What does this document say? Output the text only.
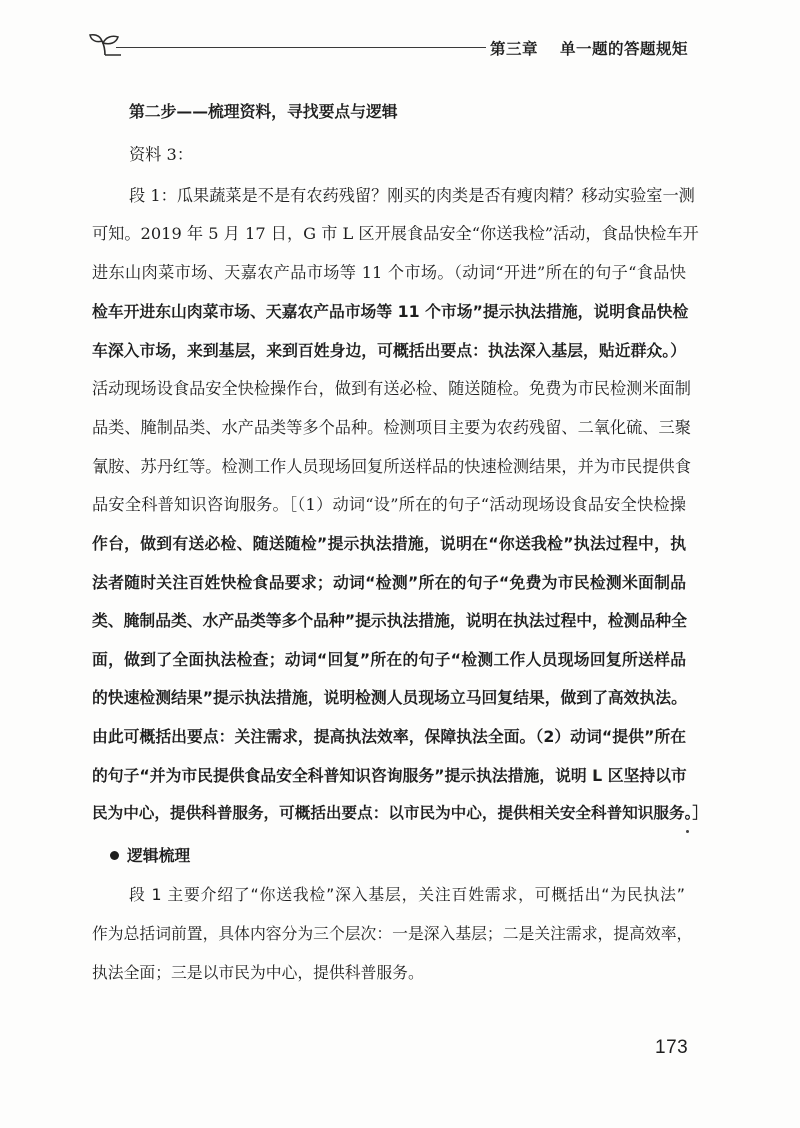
第三章 单一题的答题规矩
第二步——梳理资料，寻找要点与逻辑
资料 3：
段 1：瓜果蔬菜是不是有农药残留？刚买的肉类是否有瘦肉精？移动实验室一测
可知。2019 年 5 月 17 日，G 市 L 区开展食品安全“你送我检”活动，食品快检车开
进东山肉菜市场、天嘉农产品市场等 11 个市场。（动词“开进”所在的句子“食品快
检车开进东山肉菜市场、天嘉农产品市场等 11 个市场”提示执法措施，说明食品快检
车深入市场，来到基层，来到百姓身边，可概括出要点：执法深入基层，贴近群众。）
活动现场设食品安全快检操作台，做到有送必检、随送随检。免费为市民检测米面制
品类、腌制品类、水产品类等多个品种。检测项目主要为农药残留、二氧化硫、三聚
氰胺、苏丹红等。检测工作人员现场回复所送样品的快速检测结果，并为市民提供食
品安全科普知识咨询服务。［（1）动词“设”所在的句子“活动现场设食品安全快检操
作台，做到有送必检、随送随检”提示执法措施，说明在“你送我检”执法过程中，执
法者随时关注百姓快检食品要求；动词“检测”所在的句子“免费为市民检测米面制品
类、腌制品类、水产品类等多个品种”提示执法措施，说明在执法过程中，检测品种全
面，做到了全面执法检查；动词“回复”所在的句子“检测工作人员现场回复所送样品
的快速检测结果”提示执法措施，说明检测人员现场立马回复结果，做到了高效执法。
由此可概括出要点：关注需求，提高执法效率，保障执法全面。（2）动词“提供”所在
的句子“并为市民提供食品安全科普知识咨询服务”提示执法措施，说明 L 区坚持以市
民为中心，提供科普服务，可概括出要点：以市民为中心，提供相关安全科普知识服务。］
逻辑梳理
段 1 主要介绍了“你送我检”深入基层，关注百姓需求，可概括出“为民执法”
作为总括词前置，具体内容分为三个层次：一是深入基层；二是关注需求，提高效率，
执法全面；三是以市民为中心，提供科普服务。
173
